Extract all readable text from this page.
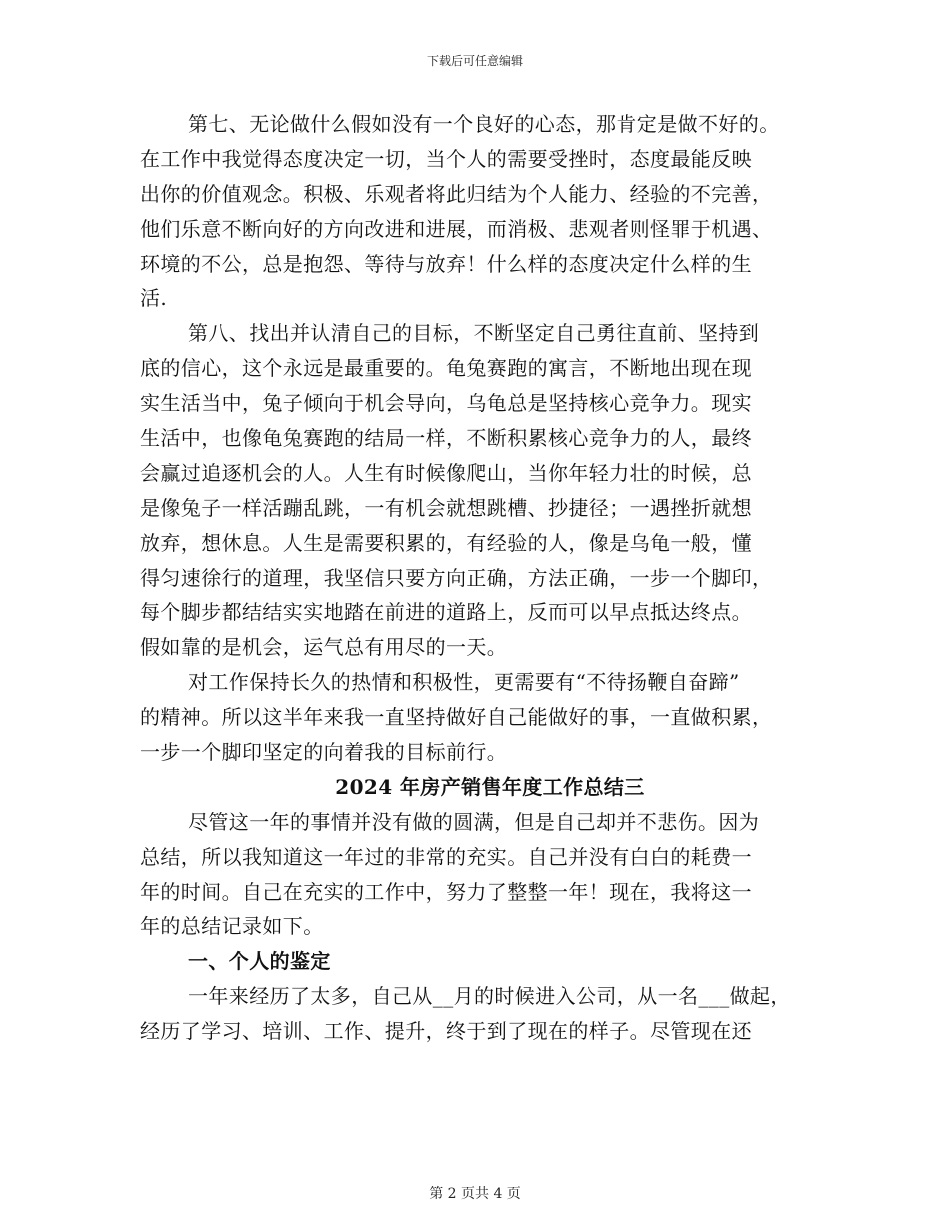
下载后可任意编辑
第七、无论做什么假如没有一个良好的心态，那肯定是做不好的。
在工作中我觉得态度决定一切，当个人的需要受挫时，态度最能反映
出你的价值观念。积极、乐观者将此归结为个人能力、经验的不完善，
他们乐意不断向好的方向改进和进展，而消极、悲观者则怪罪于机遇、
环境的不公，总是抱怨、等待与放弃！什么样的态度决定什么样的生
活.
第八、找出并认清自己的目标，不断坚定自己勇往直前、坚持到
底的信心，这个永远是最重要的。龟兔赛跑的寓言，不断地出现在现
实生活当中，兔子倾向于机会导向，乌龟总是坚持核心竞争力。现实
生活中，也像龟兔赛跑的结局一样，不断积累核心竞争力的人，最终
会赢过追逐机会的人。人生有时候像爬山，当你年轻力壮的时候，总
是像兔子一样活蹦乱跳，一有机会就想跳槽、抄捷径；一遇挫折就想
放弃，想休息。人生是需要积累的，有经验的人，像是乌龟一般，懂
得匀速徐行的道理，我坚信只要方向正确，方法正确，一步一个脚印，
每个脚步都结结实实地踏在前进的道路上，反而可以早点抵达终点。
假如靠的是机会，运气总有用尽的一天。
对工作保持长久的热情和积极性，更需要有“不待扬鞭自奋蹄”
的精神。所以这半年来我一直坚持做好自己能做好的事，一直做积累，
一步一个脚印坚定的向着我的目标前行。
2024 年房产销售年度工作总结三
尽管这一年的事情并没有做的圆满，但是自己却并不悲伤。因为
总结，所以我知道这一年过的非常的充实。自己并没有白白的耗费一
年的时间。自己在充实的工作中，努力了整整一年！现在，我将这一
年的总结记录如下。
一、个人的鉴定
一年来经历了太多，自己从__月的时候进入公司，从一名___做起，
经历了学习、培训、工作、提升，终于到了现在的样子。尽管现在还
第 2 页共 4 页
